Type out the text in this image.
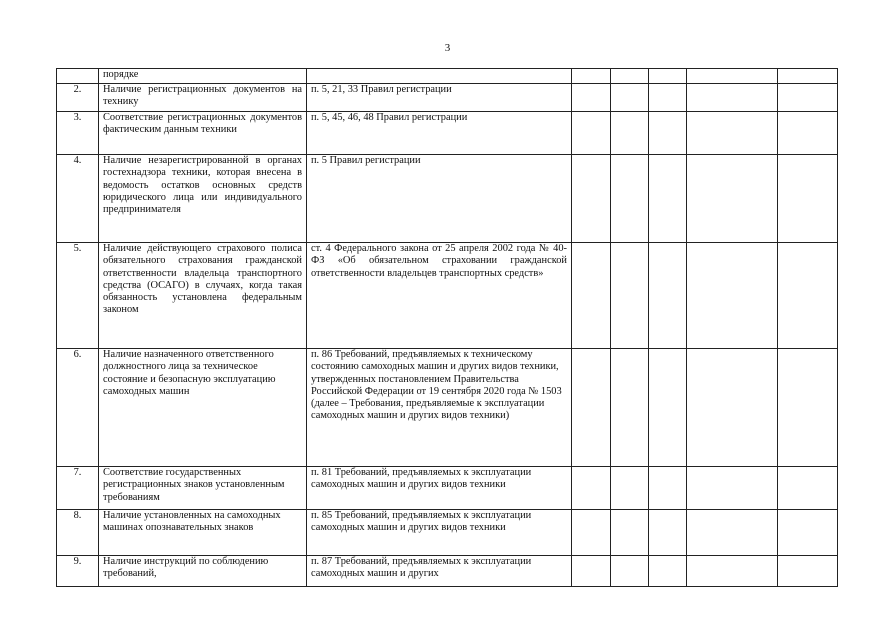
3
	порядке						
2.	Наличие регистрационных документов на технику	п. 5, 21, 33 Правил регистрации					
3.	Соответствие регистрационных документов фактическим данным техники	п. 5, 45, 46, 48 Правил регистрации					
4.	Наличие незарегистрированной в органах гостехнадзора техники, которая внесена в ведомость остатков основных средств юридического лица или индивидуального предпринимателя	п. 5 Правил регистрации					
5.	Наличие действующего страхового полиса обязательного страхования гражданской ответственности владельца транспортного средства (ОСАГО) в случаях, когда такая обязанность установлена федеральным законом	ст. 4 Федерального закона от 25 апреля 2002 года № 40-ФЗ «Об обязательном страховании гражданской ответственности владельцев транспортных средств»					
6.	Наличие назначенного ответственного должностного лица за техническое состояние и безопасную эксплуатацию самоходных машин	п. 86 Требований, предъявляемых к техническому состоянию самоходных машин и других видов техники, утвержденных постановлением Правительства Российской Федерации от 19 сентября 2020 года № 1503 (далее – Требования, предъявляемые к эксплуатации самоходных машин и других видов техники)					
7.	Соответствие государственных регистрационных знаков установленным требованиям	п. 81 Требований, предъявляемых к эксплуатации самоходных машин и других видов техники					
8.	Наличие установленных на самоходных машинах опознавательных знаков	п. 85 Требований, предъявляемых к эксплуатации самоходных машин и других видов техники					
9.	Наличие инструкций по соблюдению требований,	п. 87 Требований, предъявляемых к эксплуатации самоходных машин и других					
